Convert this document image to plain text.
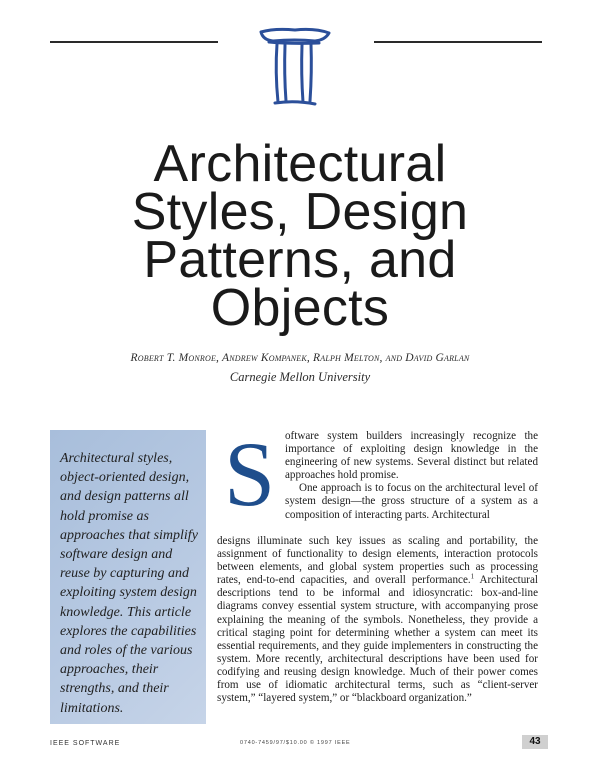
Architectural
Styles, Design
Patterns, and
Objects
Robert T. Monroe, Andrew Kompanek, Ralph Melton, and David Garlan
Carnegie Mellon University
Architectural styles, object-oriented design, and design patterns all hold promise as approaches that simplify software design and reuse by capturing and exploiting system design knowledge. This article explores the capabilities and roles of the various approaches, their strengths, and their limitations.
S oftware system builders increasingly recognize the importance of exploiting design knowledge in the engineering of new systems. Several distinct but related approaches hold promise.

One approach is to focus on the architectural level of system design—the gross structure of a system as a composition of interacting parts. Architectural

designs illuminate such key issues as scaling and portability, the assignment of functionality to design elements, interaction protocols between elements, and global system properties such as processing rates, end-to-end capacities, and overall performance.$^1$ Architectural descriptions tend to be informal and idiosyncratic: box-and-line diagrams convey essential system structure, with accompanying prose explaining the meaning of the symbols. Nonetheless, they provide a critical staging point for determining whether a system can meet its essential requirements, and they guide implementers in constructing the system. More recently, architectural descriptions have been used for codifying and reusing design knowledge. Much of their power comes from use of idiomatic architectural terms, such as “client-server system,” “layered system,” or “blackboard organization.”

IEEE SOFTWARE	0740-7459/97/$10.00 © 1997 IEEE	43
